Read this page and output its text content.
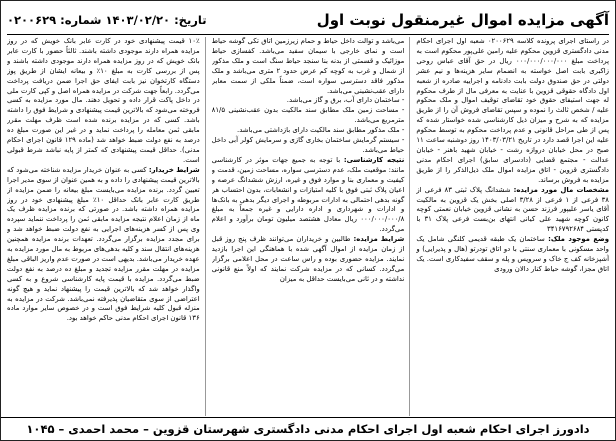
آگهی مزایده اموال غیرمنقول نوبت اول
تاریخ: ۱۴۰۳/۰۲/۲۰ شماره: ۰۲۰۰۶۲۹

در راستای اجرای پرونده کلاسه ۰۲۰۰۶۲۹ شعبه اول اجرای احکام مدنی دادگستری قزوین محکوم علیه رامین علی‌پور محکوم است به پرداخت مبلغ ۰۰۰/۰۰۰/۰۰۰/۰۰۰ ریال در حق آقای عباس روحی زاکبری بابت اصل خواسته به انضمام سایر هزینه‌ها و نیم عشر دولتی در حق صندوق دولت بابت دادنامه و اجراییه صادره از شعبه اول دادگاه حقوقی قزوین با عنایت به معرفی مال از طرف محکوم له جهت استیفای حقوق خود تقاضای توقیف اموال و ملک محکوم علیه / شخص ثالث را نموده و سپس تقاضای فروش آن را از طریق مزایده که به شرح و میزان ذیل کارشناسی شده خواستار شده که پس از طی مراحل قانونی و عدم پرداخت محکوم به توسط محکوم علیه این اجرا قصد دارد در تاریخ ۱۴۰۳/۰۳/۲۱ روز دوشنبه ساعت ۱۱ صبح در محل خیابان دروازه رشت - خیابان شهید باهنر - خیابان عدالت - مجتمع قضایی (دادسرای سابق) اجرای احکام مدنی دادگستری قزوین - اتاق مزایده اموال ملک ذیل‌الذکر را از طریق مزایده به فروش برساند.

مشخصات مال مورد مزایده: ششدانگ پلاک ثبتی ۸۳ فرعی از ۳۸ فرعی از ۱ فرعی از ۳/۲۸ اصلی بخش یک قزوین به مالکیت آقای یاسر علیپور فرزند حسن به نشانی قزوین خیابان نعمتی کوچه کانون کوچه شهید علی کیانی انتهای بن‌بست فرعی پلاک ۳۱ با کدپستی ۳۴۱۶۷۹۲۶۸۴

وضع موجود ملک: ساختمان یک طبقه قدیمی کلنگی شامل یک واحد مسکونی با معماری سنتی با دو اتاق تودرتو (هال و پذیرایی) و آشپزخانه کف ج خاک و سرویس و پله و سقف سفیدکاری است. یک اتاق مجزا، گوشه حیاط کنار دالان ورودی

می‌باشد و توالت داخل حیاط و حمام زیرزمین اتاق تکی گوشه حیاط است و نمای خارجی با سیمان سفید می‌باشد. کفسازی حیاط موزائیک و قسمتی از بدنه بنا سنجد حیاط سنگ است و ملک مذکور از شمال و غرب به کوچه کم عرض حدود ۲ متری می‌باشد و ملک مذکور فاقد دسترسی سواره است، ضمناً ملکی از سمت معابر دارای عقب‌نشینی می‌باشد.

- ساختمان دارای آب، برق و گاز می‌باشد.

- مساحت زمین ملک مطابق سند مالکیت بدون عقب‌نشینی ۸۱/۵ مترمربع می‌باشد.

- ملک مذکور مطابق سند مالکیت دارای بازداشتی می‌باشد.

- سیستم گرمایش ساختمان بخاری گازی و سرمایش کولر آبی داخل حیاط می‌باشد.

نتیجه کارشناسی: با توجه به جمیع جهات موثر در کارشناسی مانند: موقعیت ملک، عدم دسترسی سواره، مساحت زمین، قدمت و کیفیت و معماری بنا و موارد فوق و غیره، ارزش ششدانگ عرصه و اعیان پلاک ثبتی فوق با کلیه امتیازات و انشعابات، بدون احتساب هر گونه بدهی احتمالی به ادارات مربوطه و اجرای دیگر بدهی به بانک‌ها و ادارات و شهرداری و اداره دارایی و غیره جمعاً به مبلغ ۰۰۰/۰۰۰/۰۰۰/۸ ریال معادل هشتصد میلیون تومان برآورد و اعلام می‌گردد.

شرایط مزایده: طالبین و خریداران می‌توانند ظرف پنج روز قبل از زمان مزایده از اموال آگهی شده با هماهنگی این اجرا بازدید نمایند. مزایده حضوری بوده و راس ساعت در محل اعلامی برگزار می‌گردد. کسانی که در مزایده شرکت نمایند که اولاً منع قانونی نداشته و در ثانی می‌بایست حداقل به میزان

۱۰٪ قیمت پیشنهادی خود در کارت عابر بانک خویش که در روز مزایده همراه دارند موجودی داشته باشند. ثالثاً حضور با کارت عابر بانک خویش که در روز مزایده همراه دارند موجودی داشته باشند و پس از بررسی کارت به مبلغ ۱۰٪ و بیعانه ایشان از طریق پوز دستگاه کارتخوان نیز بابت ایفای حق اجرا ضمن دریافت پرداخت می‌گردد. رابعاً جهت شرکت در مزایده همراه اصل و کپی کارت ملی در داخل پاکت قرار داده و تحویل دهند. مال مورد مزایده به کسی فروخته می‌شود که بالاترین قیمت پیشنهادی و شرایط فوق را داشته باشد. کسی که در مزایده برنده شده است ظرف مهلت مقرر مابقی ثمن معامله را پرداخت نماید و در غیر این صورت مبلغ ده درصد به نفع دولت ضبط خواهد شد (ماده ۱۲۹ قانون اجرای احکام مدنی). حداقل قیمت پیشنهادی که کمتر از پایه نباشد شرط قبولی است.

شرایط خریدار: کسی به عنوان خریدار مزایده شناخته می‌شود که بالاترین قیمت پیشنهادی را داده و به همین عنوان از سوی مدیر اجرا تعیین گردد. برنده مزایده می‌بایست مبلغ بیعانه را ضمن مزایده از طریق کارت عابر بانک حداقل ۱۰٪ مبلغ پیشنهادی خود در روز مزایده همراه داشته باشد. در صورتی که برنده مزایده ظرف یک ماه از زمان اعلام نتیجه مزایده مابقی ثمن را پرداخت ننماید سپرده وی پس از کسر هزینه‌های اجرایی به نفع دولت ضبط خواهد شد و برای مجدد مزایده برگزار می‌گردد. تعهدات برنده مزایده همچنین هزینه‌های انتقال سند و کلیه بدهی‌های مربوط به مال مورد مزایده به عهده خریدار می‌باشد. بدیهی است در صورت عدم واریز الباقی مبلغ مزایده در مهلت مقرر مزایده تجدید و مبلغ ده درصد به نفع دولت ضبط می‌گردد. مزایده با قیمت پایه کارشناسی شروع و به کسی واگذار خواهد شد که بالاترین قیمت را پیشنهاد نماید و هیچ گونه اعتراضی از سوی متقاضیان پذیرفته نمی‌باشد. شرکت در مزایده به منزله قبول کلیه شرایط فوق است و در خصوص سایر موارد ماده ۱۳۶ قانون اجرای احکام مدنی حاکم خواهد بود.

دادورز اجرای احکام شعبه اول اجرای احکام مدنی دادگستری شهرستان قزوین – محمد احمدی – ۱۰۴۵
